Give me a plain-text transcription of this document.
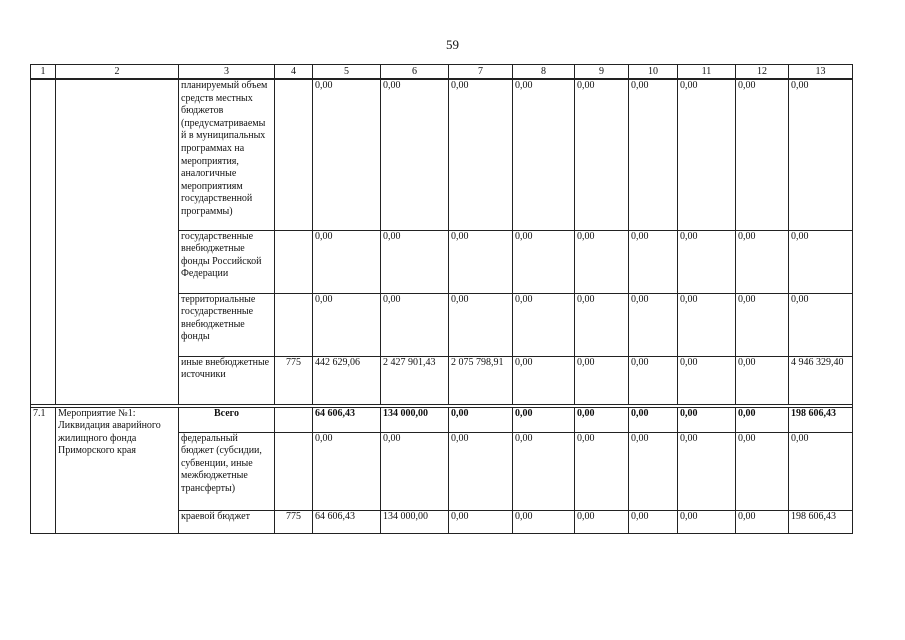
59
1	2	3	4	5	6	7	8	9	10	11	12	13
		планируемый объем средств местных бюджетов (предусматриваемы й в муниципальных программах на мероприятия, аналогичные мероприятиям государственной программы)		0,00	0,00	0,00	0,00	0,00	0,00	0,00	0,00	0,00
		государственные внебюджетные фонды Российской Федерации		0,00	0,00	0,00	0,00	0,00	0,00	0,00	0,00	0,00
		территориальные государственные внебюджетные фонды		0,00	0,00	0,00	0,00	0,00	0,00	0,00	0,00	0,00
		иные внебюджетные источники	775	442 629,06	2 427 901,43	2 075 798,91	0,00	0,00	0,00	0,00	0,00	4 946 329,40

7.1	Мероприятие №1: Ликвидация аварийного жилищного фонда Приморского края	Всего		64 606,43	134 000,00	0,00	0,00	0,00	0,00	0,00	0,00	198 606,43
		федеральный бюджет (субсидии, субвенции, иные межбюджетные трансферты)		0,00	0,00	0,00	0,00	0,00	0,00	0,00	0,00	0,00
		краевой бюджет	775	64 606,43	134 000,00	0,00	0,00	0,00	0,00	0,00	0,00	198 606,43
